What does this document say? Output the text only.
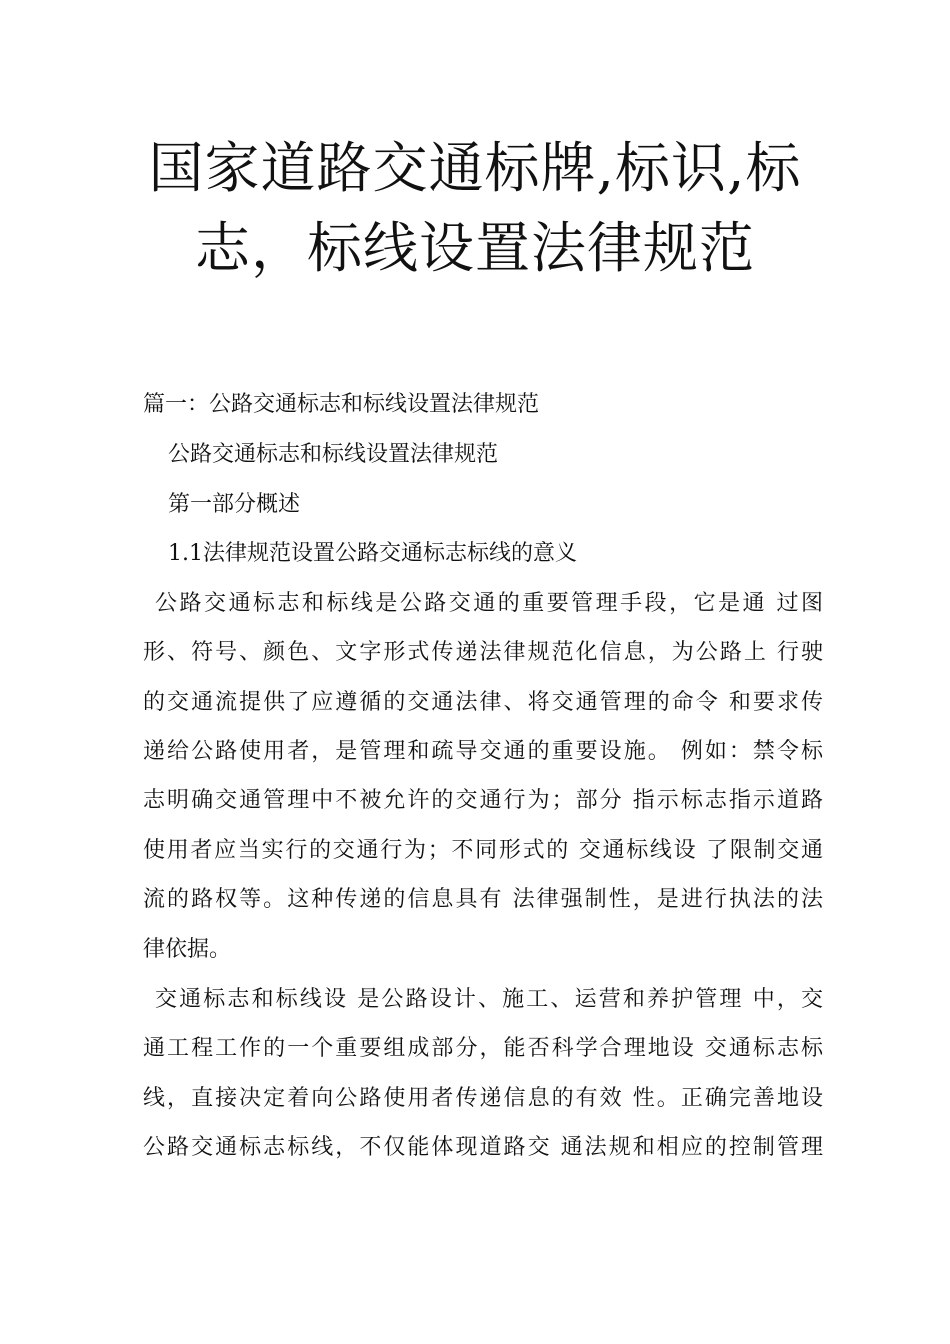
国家道路交通标牌,标识,标
志，标线设置法律规范

篇一：公路交通标志和标线设置法律规范

公路交通标志和标线设置法律规范

第一部分概述

1.1法律规范设置公路交通标志标线的意义

公路交通标志和标线是公路交通的重要管理手段，它是通 过图

形、符号、颜色、文字形式传递法律规范化信息，为公路上 行驶

的交通流提供了应遵循的交通法律、将交通管理的命令 和要求传

递给公路使用者，是管理和疏导交通的重要设施。 例如：禁令标

志明确交通管理中不被允许的交通行为；部分 指示标志指示道路

使用者应当实行的交通行为；不同形式的 交通标线设 了限制交通

流的路权等。这种传递的信息具有 法律强制性，是进行执法的法

律依据。

交通标志和标线设 是公路设计、施工、运营和养护管理 中，交

通工程工作的一个重要组成部分，能否科学合理地设 交通标志标

线，直接决定着向公路使用者传递信息的有效 性。正确完善地设

公路交通标志标线，不仅能体现道路交 通法规和相应的控制管理
